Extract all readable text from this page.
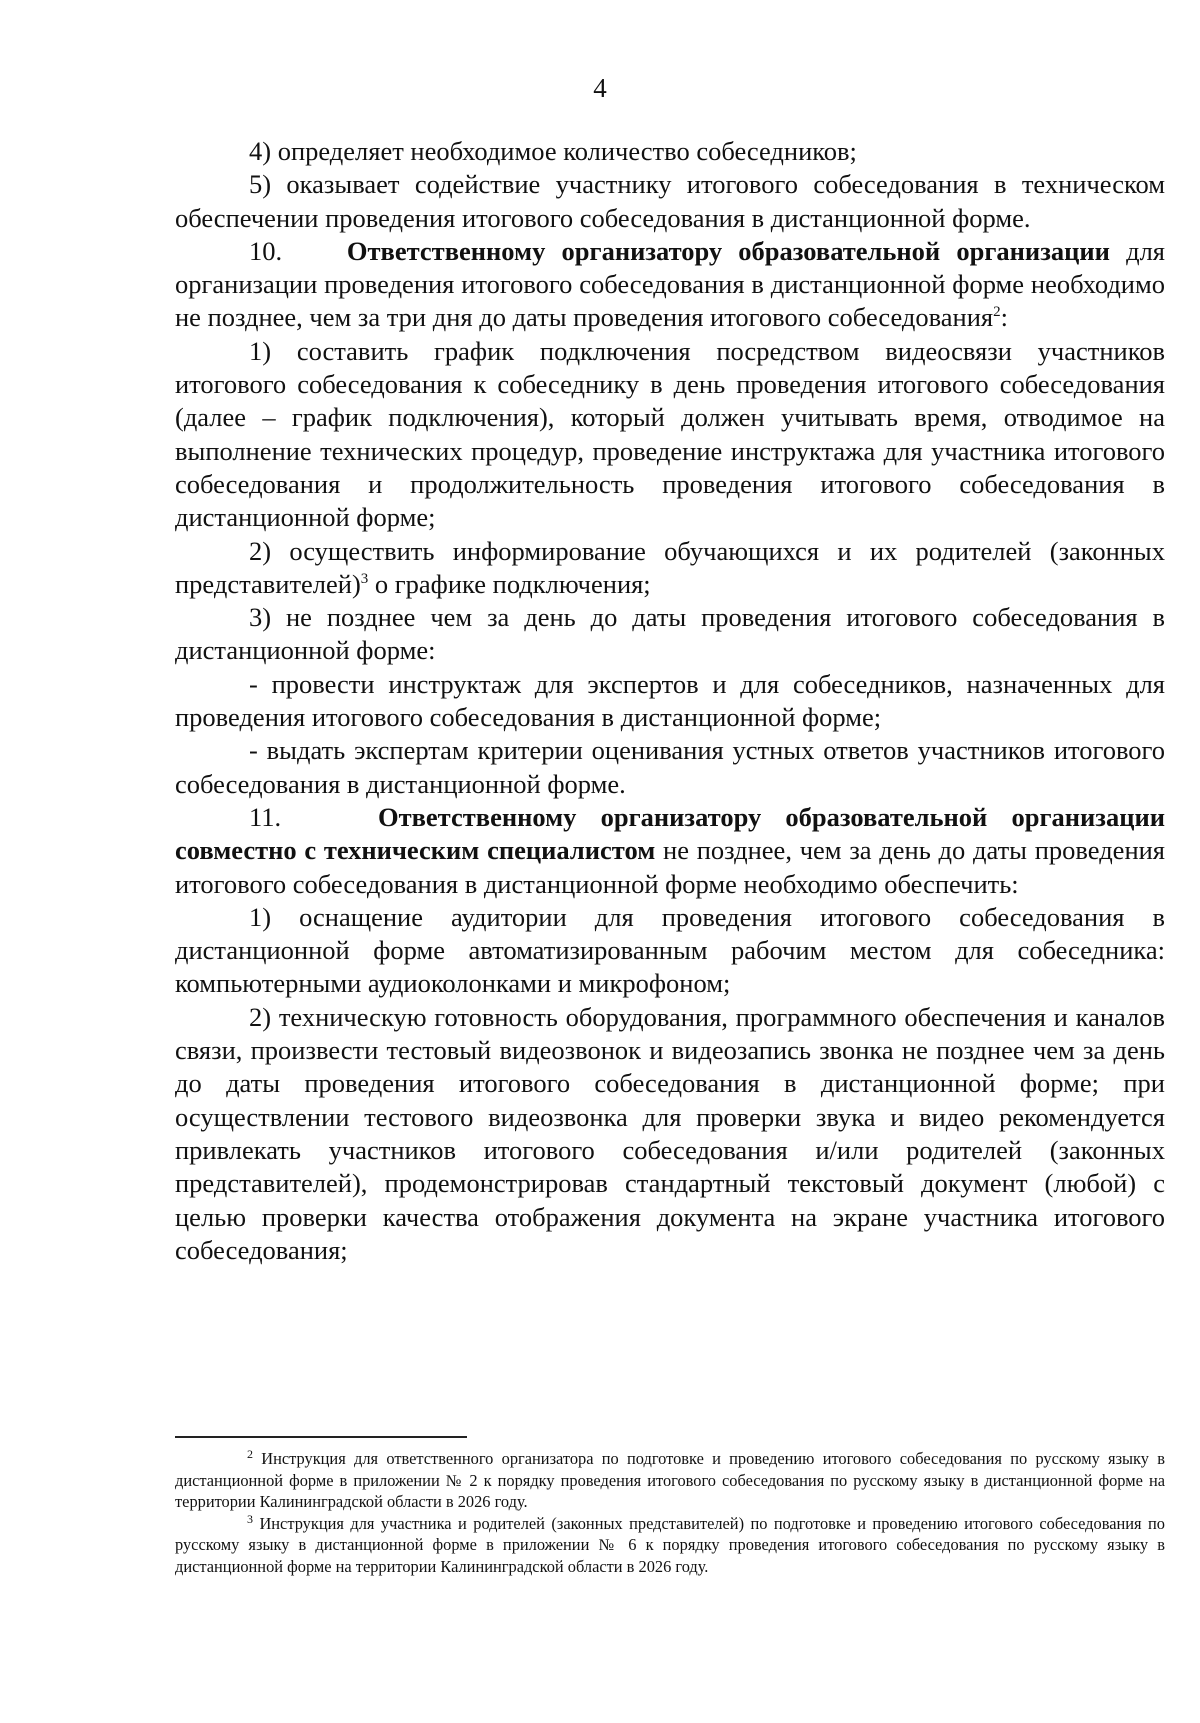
4

4) определяет необходимое количество собеседников;

5) оказывает содействие участнику итогового собеседования в техническом обеспечении проведения итогового собеседования в дистанционной форме.

10. Ответственному организатору образовательной организации для организации проведения итогового собеседования в дистанционной форме необходимо не позднее, чем за три дня до даты проведения итогового собеседования$^2$:

1) составить график подключения посредством видеосвязи участников итогового собеседования к собеседнику в день проведения итогового собеседования (далее – график подключения), который должен учитывать время, отводимое на выполнение технических процедур, проведение инструктажа для участника итогового собеседования и продолжительность проведения итогового собеседования в дистанционной форме;

2) осуществить информирование обучающихся и их родителей (законных представителей)$^3$ о графике подключения;

3) не позднее чем за день до даты проведения итогового собеседования в дистанционной форме:

- провести инструктаж для экспертов и для собеседников, назначенных для проведения итогового собеседования в дистанционной форме;

- выдать экспертам критерии оценивания устных ответов участников итогового собеседования в дистанционной форме.

11.	Ответственному организатору образовательной организации совместно с техническим специалистом не позднее, чем за день до даты проведения итогового собеседования в дистанционной форме необходимо обеспечить:

1) оснащение аудитории для проведения итогового собеседования в дистанционной форме автоматизированным рабочим местом для собеседника: компьютерными аудиоколонками и микрофоном;

2) техническую готовность оборудования, программного обеспечения и каналов связи, произвести тестовый видеозвонок и видеозапись звонка не позднее чем за день до даты проведения итогового собеседования в дистанционной форме; при осуществлении тестового видеозвонка для проверки звука и видео рекомендуется привлекать участников итогового собеседования и/или родителей (законных представителей), продемонстрировав стандартный текстовый документ (любой) с целью проверки качества отображения документа на экране участника итогового собеседования;

$^2$ Инструкция для ответственного организатора по подготовке и проведению итогового собеседования по русскому языку в дистанционной форме в приложении № 2 к порядку проведения итогового собеседования по русскому языку в дистанционной форме на территории Калининградской области в 2026 году.

$^3$ Инструкция для участника и родителей (законных представителей) по подготовке и проведению итогового собеседования по русскому языку в дистанционной форме в приложении № 6 к порядку проведения итогового собеседования по русскому языку в дистанционной форме на территории Калининградской области в 2026 году.
